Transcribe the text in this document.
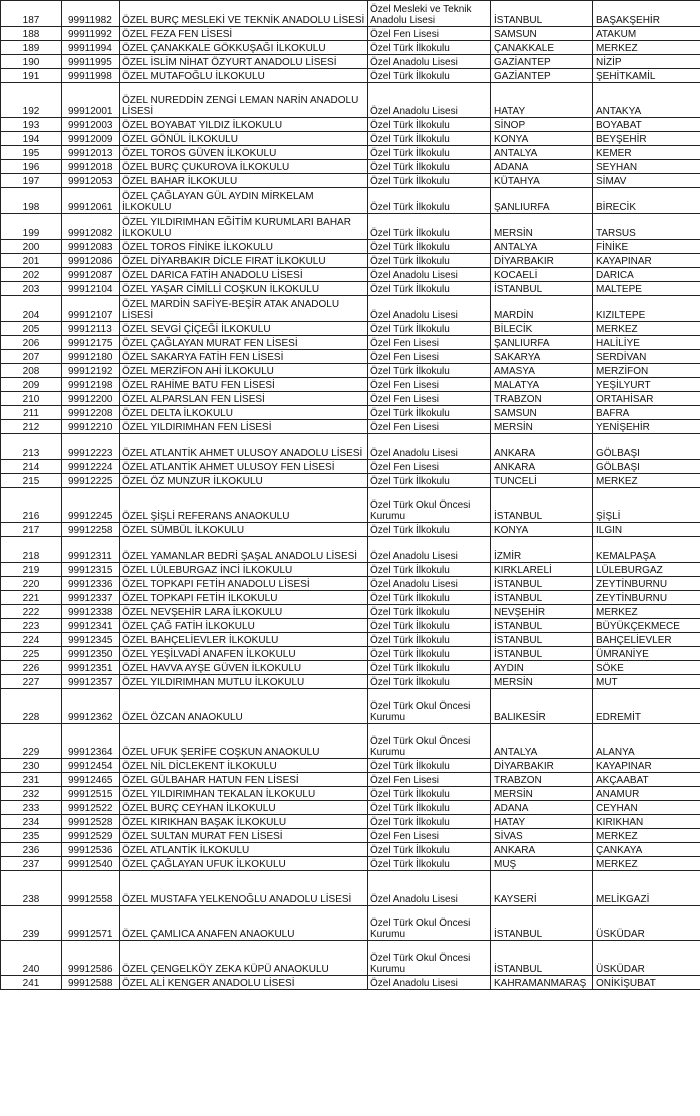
187	99911982	ÖZEL BURÇ MESLEKİ VE TEKNİK ANADOLU LİSESİ	Özel Mesleki ve Teknik Anadolu Lisesi	İSTANBUL	BAŞAKŞEHİR
188	99911992	ÖZEL FEZA FEN LİSESİ	Özel Fen Lisesi	SAMSUN	ATAKUM
189	99911994	ÖZEL ÇANAKKALE GÖKKUŞAĞI İLKOKULU	Özel Türk İlkokulu	ÇANAKKALE	MERKEZ
190	99911995	ÖZEL İSLİM NİHAT ÖZYURT ANADOLU LİSESİ	Özel Anadolu Lisesi	GAZİANTEP	NİZİP
191	99911998	ÖZEL MUTAFOĞLU İLKOKULU	Özel Türk İlkokulu	GAZİANTEP	ŞEHİTKAMİL
192	99912001	ÖZEL NUREDDİN ZENGİ LEMAN NARİN ANADOLU LİSESİ	Özel Anadolu Lisesi	HATAY	ANTAKYA
193	99912003	ÖZEL BOYABAT YILDIZ İLKOKULU	Özel Türk İlkokulu	SİNOP	BOYABAT
194	99912009	ÖZEL GÖNÜL İLKOKULU	Özel Türk İlkokulu	KONYA	BEYŞEHİR
195	99912013	ÖZEL TOROS GÜVEN İLKOKULU	Özel Türk İlkokulu	ANTALYA	KEMER
196	99912018	ÖZEL BURÇ ÇUKUROVA İLKOKULU	Özel Türk İlkokulu	ADANA	SEYHAN
197	99912053	ÖZEL BAHAR İLKOKULU	Özel Türk İlkokulu	KÜTAHYA	SİMAV
198	99912061	ÖZEL ÇAĞLAYAN GÜL AYDIN MİRKELAM İLKOKULU	Özel Türk İlkokulu	ŞANLIURFA	BİRECİK
199	99912082	ÖZEL YILDIRIMHAN EĞİTİM KURUMLARI BAHAR İLKOKULU	Özel Türk İlkokulu	MERSİN	TARSUS
200	99912083	ÖZEL TOROS FİNİKE İLKOKULU	Özel Türk İlkokulu	ANTALYA	FİNİKE
201	99912086	ÖZEL DİYARBAKIR DİCLE FIRAT İLKOKULU	Özel Türk İlkokulu	DİYARBAKIR	KAYAPINAR
202	99912087	ÖZEL DARICA FATİH ANADOLU LİSESİ	Özel Anadolu Lisesi	KOCAELİ	DARICA
203	99912104	ÖZEL YAŞAR CİMİLLİ COŞKUN İLKOKULU	Özel Türk İlkokulu	İSTANBUL	MALTEPE
204	99912107	ÖZEL MARDİN SAFİYE-BEŞİR ATAK ANADOLU LİSESİ	Özel Anadolu Lisesi	MARDİN	KIZILTEPE
205	99912113	ÖZEL SEVGİ ÇİÇEĞİ İLKOKULU	Özel Türk İlkokulu	BİLECİK	MERKEZ
206	99912175	ÖZEL ÇAĞLAYAN MURAT FEN LİSESİ	Özel Fen Lisesi	ŞANLIURFA	HALİLİYE
207	99912180	ÖZEL SAKARYA FATİH FEN LİSESİ	Özel Fen Lisesi	SAKARYA	SERDİVAN
208	99912192	ÖZEL MERZİFON AHİ İLKOKULU	Özel Türk İlkokulu	AMASYA	MERZİFON
209	99912198	ÖZEL RAHİME BATU FEN LİSESİ	Özel Fen Lisesi	MALATYA	YEŞİLYURT
210	99912200	ÖZEL ALPARSLAN FEN LİSESİ	Özel Fen Lisesi	TRABZON	ORTAHİSAR
211	99912208	ÖZEL DELTA İLKOKULU	Özel Türk İlkokulu	SAMSUN	BAFRA
212	99912210	ÖZEL YILDIRIMHAN FEN LİSESİ	Özel Fen Lisesi	MERSİN	YENİŞEHİR
213	99912223	ÖZEL ATLANTİK AHMET ULUSOY ANADOLU LİSESİ	Özel Anadolu Lisesi	ANKARA	GÖLBAŞI
214	99912224	ÖZEL ATLANTİK AHMET ULUSOY FEN LİSESİ	Özel Fen Lisesi	ANKARA	GÖLBAŞI
215	99912225	ÖZEL ÖZ MUNZUR İLKOKULU	Özel Türk İlkokulu	TUNCELİ	MERKEZ
216	99912245	ÖZEL ŞİŞLİ REFERANS ANAOKULU	Özel Türk Okul Öncesi Kurumu	İSTANBUL	ŞİŞLİ
217	99912258	ÖZEL SÜMBÜL İLKOKULU	Özel Türk İlkokulu	KONYA	ILGIN
218	99912311	ÖZEL YAMANLAR BEDRİ ŞAŞAL ANADOLU LİSESİ	Özel Anadolu Lisesi	İZMİR	KEMALPAŞA
219	99912315	ÖZEL LÜLEBURGAZ İNCİ İLKOKULU	Özel Türk İlkokulu	KIRKLARELİ	LÜLEBURGAZ
220	99912336	ÖZEL TOPKAPI FETİH ANADOLU LİSESİ	Özel Anadolu Lisesi	İSTANBUL	ZEYTİNBURNU
221	99912337	ÖZEL TOPKAPI FETİH İLKOKULU	Özel Türk İlkokulu	İSTANBUL	ZEYTİNBURNU
222	99912338	ÖZEL NEVŞEHİR LARA İLKOKULU	Özel Türk İlkokulu	NEVŞEHİR	MERKEZ
223	99912341	ÖZEL ÇAĞ FATİH İLKOKULU	Özel Türk İlkokulu	İSTANBUL	BÜYÜKÇEKMECE
224	99912345	ÖZEL BAHÇELİEVLER İLKOKULU	Özel Türk İlkokulu	İSTANBUL	BAHÇELİEVLER
225	99912350	ÖZEL YEŞİLVADİ ANAFEN İLKOKULU	Özel Türk İlkokulu	İSTANBUL	ÜMRANİYE
226	99912351	ÖZEL HAVVA AYŞE GÜVEN İLKOKULU	Özel Türk İlkokulu	AYDIN	SÖKE
227	99912357	ÖZEL YILDIRIMHAN MUTLU İLKOKULU	Özel Türk İlkokulu	MERSİN	MUT
228	99912362	ÖZEL ÖZCAN ANAOKULU	Özel Türk Okul Öncesi Kurumu	BALIKESİR	EDREMİT
229	99912364	ÖZEL UFUK ŞERİFE COŞKUN ANAOKULU	Özel Türk Okul Öncesi Kurumu	ANTALYA	ALANYA
230	99912454	ÖZEL NİL DİCLEKENT İLKOKULU	Özel Türk İlkokulu	DİYARBAKIR	KAYAPINAR
231	99912465	ÖZEL GÜLBAHAR HATUN FEN LİSESİ	Özel Fen Lisesi	TRABZON	AKÇAABAT
232	99912515	ÖZEL YILDIRIMHAN TEKALAN İLKOKULU	Özel Türk İlkokulu	MERSİN	ANAMUR
233	99912522	ÖZEL BURÇ CEYHAN İLKOKULU	Özel Türk İlkokulu	ADANA	CEYHAN
234	99912528	ÖZEL KIRIKHAN BAŞAK İLKOKULU	Özel Türk İlkokulu	HATAY	KIRIKHAN
235	99912529	ÖZEL SULTAN MURAT FEN LİSESİ	Özel Fen Lisesi	SİVAS	MERKEZ
236	99912536	ÖZEL ATLANTİK İLKOKULU	Özel Türk İlkokulu	ANKARA	ÇANKAYA
237	99912540	ÖZEL ÇAĞLAYAN UFUK İLKOKULU	Özel Türk İlkokulu	MUŞ	MERKEZ
238	99912558	ÖZEL MUSTAFA YELKENOĞLU ANADOLU LİSESİ	Özel Anadolu Lisesi	KAYSERİ	MELİKGAZİ
239	99912571	ÖZEL ÇAMLICA ANAFEN ANAOKULU	Özel Türk Okul Öncesi Kurumu	İSTANBUL	ÜSKÜDAR
240	99912586	ÖZEL ÇENGELKÖY ZEKA KÜPÜ ANAOKULU	Özel Türk Okul Öncesi Kurumu	İSTANBUL	ÜSKÜDAR
241	99912588	ÖZEL ALİ KENGER ANADOLU LİSESİ	Özel Anadolu Lisesi	KAHRAMANMARAŞ	ONİKİŞUBAT
